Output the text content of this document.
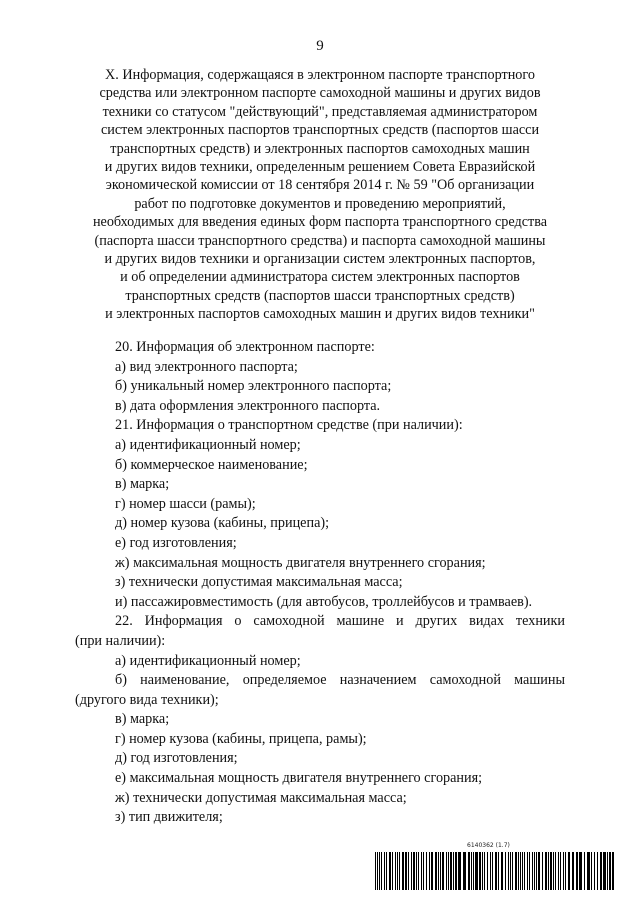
9
X. Информация, содержащаяся в электронном паспорте транспортного
средства или электронном паспорте самоходной машины и других видов
техники со статусом "действующий", представляемая администратором
систем электронных паспортов транспортных средств (паспортов шасси
транспортных средств) и электронных паспортов самоходных машин
и других видов техники, определенным решением Совета Евразийской
экономической комиссии от 18 сентября 2014 г. № 59 "Об организации
работ по подготовке документов и проведению мероприятий,
необходимых для введения единых форм паспорта транспортного средства
(паспорта шасси транспортного средства) и паспорта самоходной машины
и других видов техники и организации систем электронных паспортов,
и об определении администратора систем электронных паспортов
транспортных средств (паспортов шасси транспортных средств)
и электронных паспортов самоходных машин и других видов техники"

20. Информация об электронном паспорте:

а) вид электронного паспорта;

б) уникальный номер электронного паспорта;

в) дата оформления электронного паспорта.

21. Информация о транспортном средстве (при наличии):

а) идентификационный номер;

б) коммерческое наименование;

в) марка;

г) номер шасси (рамы);

д) номер кузова (кабины, прицепа);

е) год изготовления;

ж) максимальная мощность двигателя внутреннего сгорания;

з) технически допустимая максимальная масса;

и) пассажировместимость (для автобусов, троллейбусов и трамваев).

22. Информация о самоходной машине и других видах техники

(при наличии):

а) идентификационный номер;

б) наименование, определяемое назначением самоходной машины

(другого вида техники);

в) марка;

г) номер кузова (кабины, прицепа, рамы);

д) год изготовления;

е) максимальная мощность двигателя внутреннего сгорания;

ж) технически допустимая максимальная масса;

з) тип движителя;

6140362 (1.7)
